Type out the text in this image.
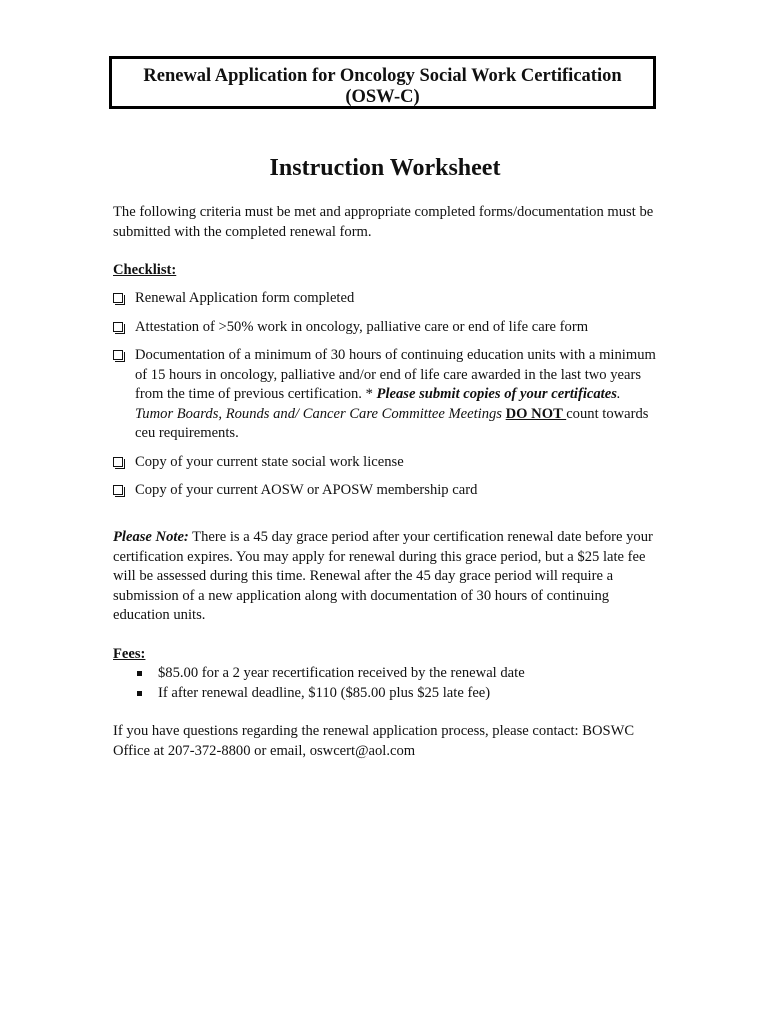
Renewal Application for Oncology Social Work Certification
(OSW-C)
Instruction Worksheet
The following criteria must be met and appropriate completed forms/documentation must be submitted with the completed renewal form.
Checklist:
Renewal Application form completed
Attestation of >50% work in oncology, palliative care or end of life care form
Documentation of a minimum of 30 hours of continuing education units with a minimum of 15 hours in oncology, palliative and/or end of life care awarded in the last two years from the time of previous certification. * Please submit copies of your certificates. Tumor Boards, Rounds and/ Cancer Care Committee Meetings DO NOT count towards ceu requirements.
Copy of your current state social work license
Copy of your current AOSW or APOSW membership card
Please Note: There is a 45 day grace period after your certification renewal date before your certification expires. You may apply for renewal during this grace period, but a $25 late fee will be assessed during this time. Renewal after the 45 day grace period will require a submission of a new application along with documentation of 30 hours of continuing education units.
Fees:
$85.00 for a 2 year recertification received by the renewal date
If after renewal deadline, $110 ($85.00 plus $25 late fee)
If you have questions regarding the renewal application process, please contact: BOSWC Office at 207-372-8800 or email, oswcert@aol.com
